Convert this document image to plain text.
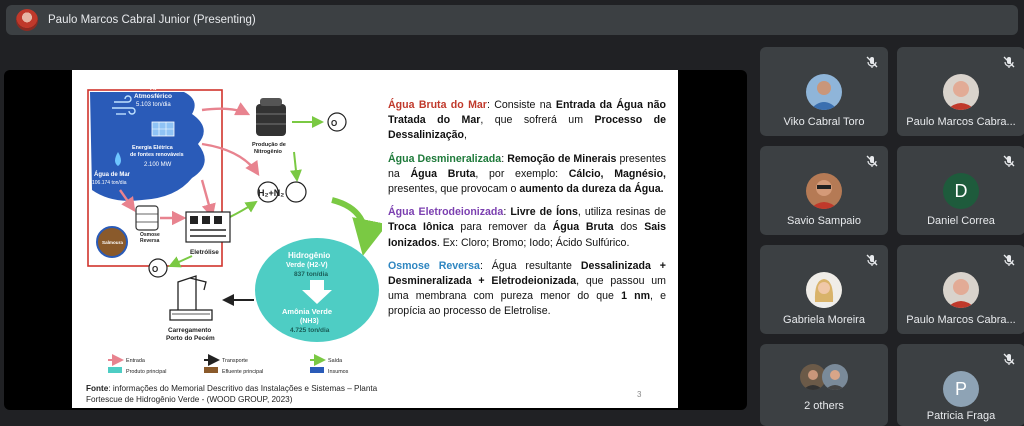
Paulo Marcos Cabral Junior (Presenting)
Ar
Atmosférico
5.103 ton/dia
Energia Elétrica
de fontes renováveis
2.100 MW
Água de Mar
106.174 ton/dia
Produção de
Nitrogênio
O
H₂+N₂
Osmose
Reversa
Salmoura
Eletrólise
O
Hidrogênio
Verde (H2-V)
837 ton/dia
Amônia Verde
(NH3)
4.725 ton/dia
Carregamento
Porto do Pecém
Entrada	Transporte	Saída
Produto principal	Efluente principal	Insumos
Fonte: informações do Memorial Descritivo das Instalações e Sistemas – Planta Fortescue de Hidrogênio Verde - (WOOD GROUP, 2023)
3
Água Bruta do Mar: Consiste na Entrada da Água não Tratada do Mar, que sofrerá um Processo de Dessalinização,
Água Desmineralizada: Remoção de Minerais presentes na Água Bruta, por exemplo: Cálcio, Magnésio, presentes, que provocam o aumento da dureza da Água.
Água Eletrodeionizada: Livre de Íons, utiliza resinas de Troca Iônica para remover da Água Bruta dos Sais Ionizados. Ex: Cloro; Bromo; Iodo; Ácido Sulfúrico.
Osmose Reversa: Água resultante Dessalinizada + Desmineralizada + Eletrodeionizada, que passou um uma membrana com pureza menor do que 1 nm, e propícia ao processo de Eletrolise.
Viko Cabral Toro	Paulo Marcos Cabra...
Savio Sampaio
D
Daniel Correa
Gabriela Moreira	Paulo Marcos Cabra...
2 others
P
Patricia Fraga
